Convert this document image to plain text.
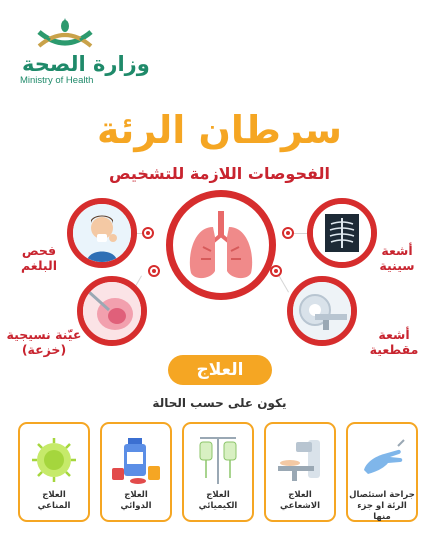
وزارة الصحة
Ministry of Health
سرطان الرئة
الفحوصات اللازمة للتشخيص
فحص
البلغم
أشعة
سينية
عيّنة نسيجية
(خزعة)
أشعة
مقطعية
العلاج
يكون على حسب الحالة
العلاج
المناعي
العلاج
الدوائي
العلاج
الكيميائي
العلاج
الاشعاعي
جراحة استئصال
الرئة او جزء منها
